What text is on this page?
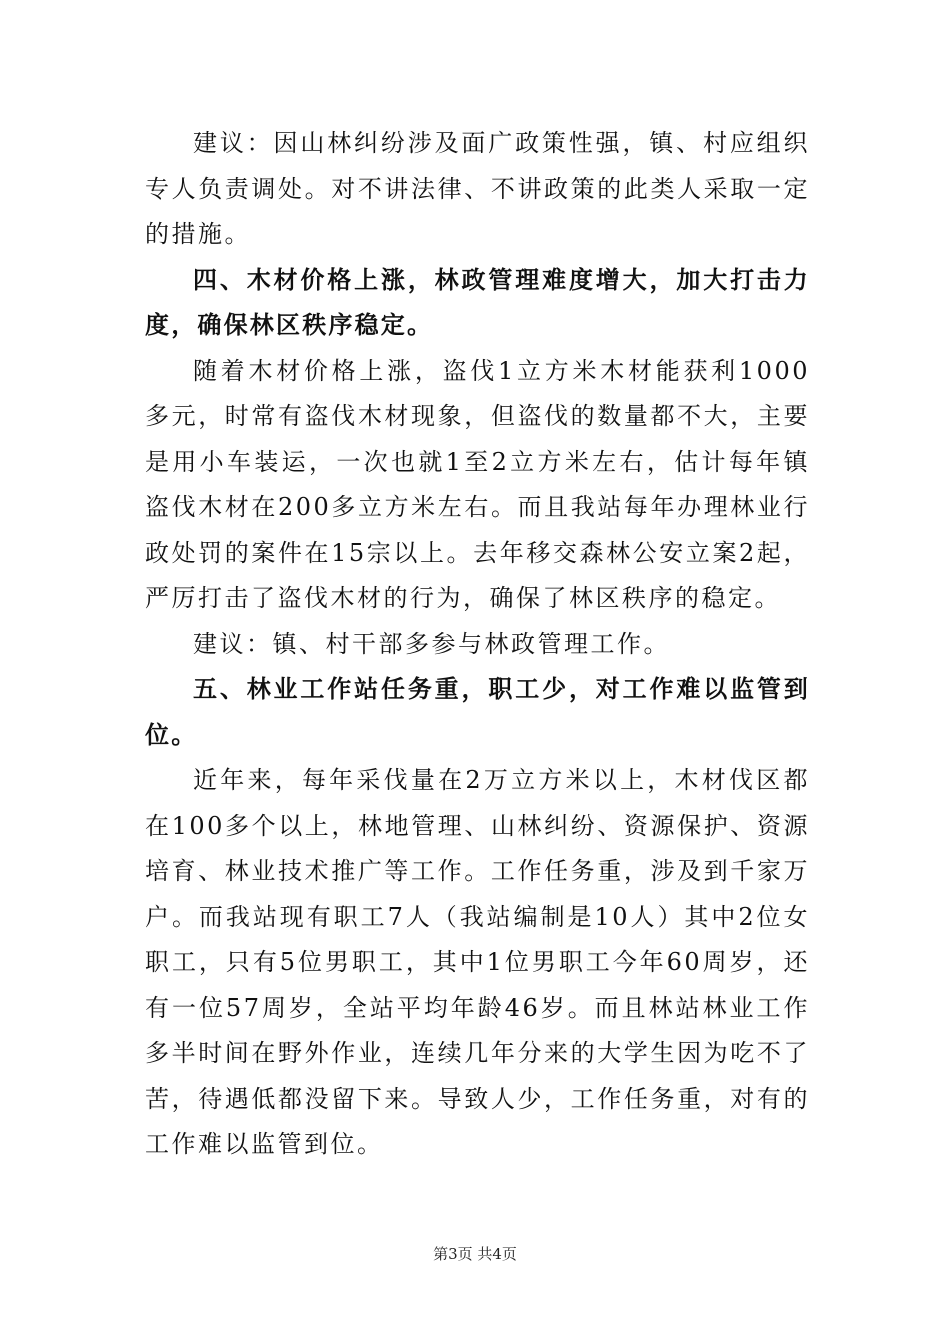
建议：因山林纠纷涉及面广政策性强，镇、村应组织专人负责调处。对不讲法律、不讲政策的此类人采取一定的措施。

四、木材价格上涨，林政管理难度增大，加大打击力度，确保林区秩序稳定。

随着木材价格上涨，盗伐1立方米木材能获利1000多元，时常有盗伐木材现象，但盗伐的数量都不大，主要是用小车装运，一次也就1至2立方米左右，估计每年镇盗伐木材在200多立方米左右。而且我站每年办理林业行政处罚的案件在15宗以上。去年移交森林公安立案2起，严厉打击了盗伐木材的行为，确保了林区秩序的稳定。

建议：镇、村干部多参与林政管理工作。

五、林业工作站任务重，职工少，对工作难以监管到位。

近年来，每年采伐量在2万立方米以上，木材伐区都在100多个以上，林地管理、山林纠纷、资源保护、资源培育、林业技术推广等工作。工作任务重，涉及到千家万户。而我站现有职工7人（我站编制是10人）其中2位女职工，只有5位男职工，其中1位男职工今年60周岁，还有一位57周岁，全站平均年龄46岁。而且林站林业工作多半时间在野外作业，连续几年分来的大学生因为吃不了苦，待遇低都没留下来。导致人少，工作任务重，对有的工作难以监管到位。

第3页 共4页
